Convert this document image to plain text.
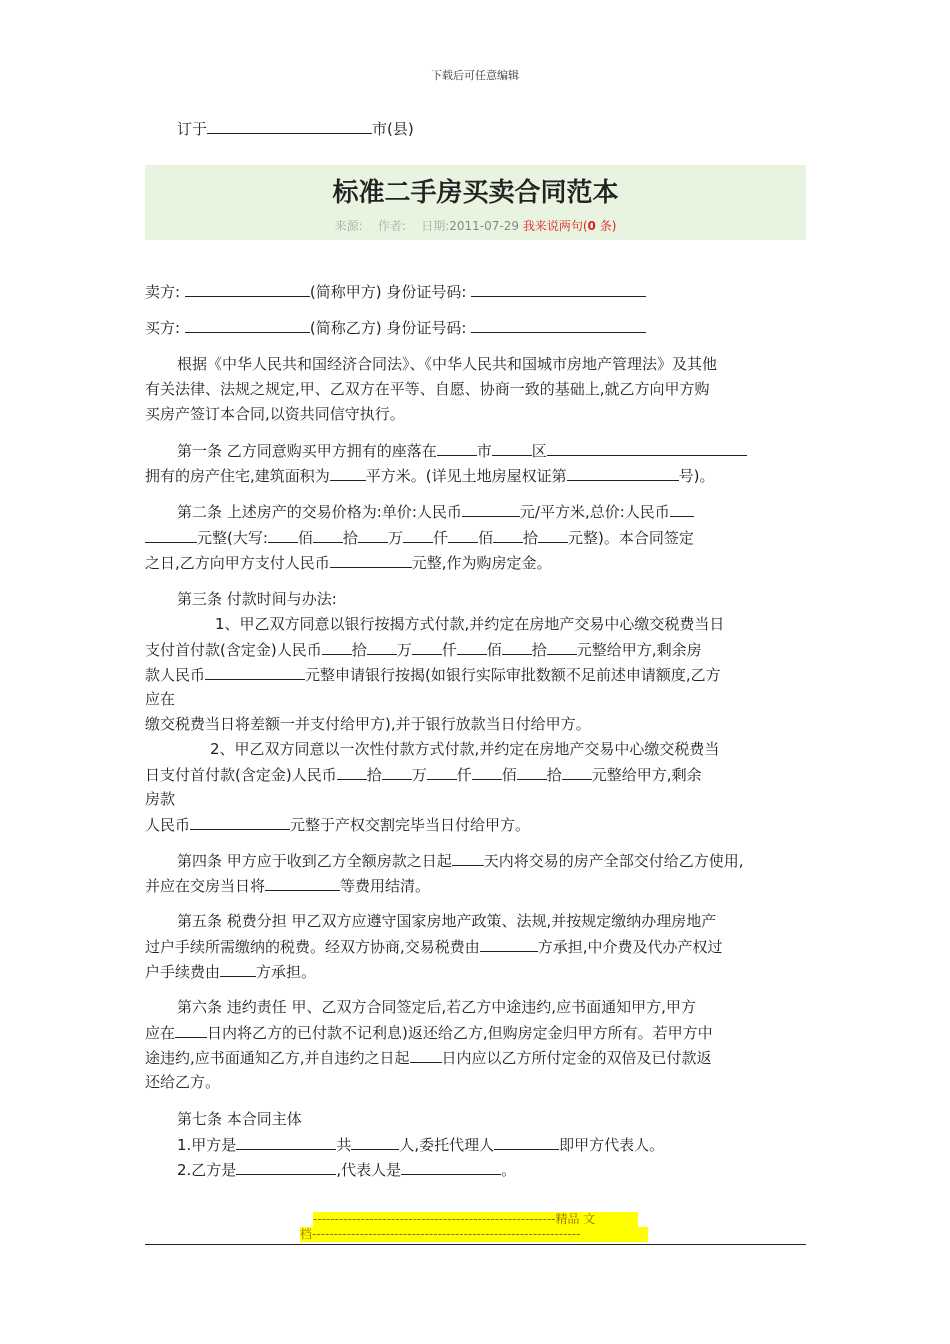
下载后可任意编辑
订于	市(县)
标准二手房买卖合同范本
来源: 作者: 日期:2011-07-29 我来说两句(0 条)
卖方:	(简称甲方) 身份证号码:
买方:	(简称乙方) 身份证号码:
根据《中华人民共和国经济合同法》、《中华人民共和国城市房地产管理法》及其他
有关法律、法规之规定,甲、乙双方在平等、自愿、协商一致的基础上,就乙方向甲方购
买房产签订本合同,以资共同信守执行。
第一条 乙方同意购买甲方拥有的座落在	市	区
拥有的房产住宅,建筑面积为 平方米。(详见土地房屋权证第	号)。
第二条 上述房产的交易价格为:单价:人民币	元/平方米,总价:人民币
元整(大写: 佰 拾 万 仟 佰 拾 元整)。本合同签定
之日,乙方向甲方支付人民币	元整,作为购房定金。
第三条 付款时间与办法:
1、甲乙双方同意以银行按揭方式付款,并约定在房地产交易中心缴交税费当日
支付首付款(含定金)人民币 拾 万 仟 佰 拾 元整给甲方,剩余房
款人民币	元整申请银行按揭(如银行实际审批数额不足前述申请额度,乙方
应在
缴交税费当日将差额一并支付给甲方),并于银行放款当日付给甲方。
2、甲乙双方同意以一次性付款方式付款,并约定在房地产交易中心缴交税费当
日支付首付款(含定金)人民币 拾 万 仟 佰 拾 元整给甲方,剩余
房款
人民币	元整于产权交割完毕当日付给甲方。
第四条 甲方应于收到乙方全额房款之日起 天内将交易的房产全部交付给乙方使用,
并应在交房当日将	等费用结清。
第五条 税费分担 甲乙双方应遵守国家房地产政策、法规,并按规定缴纳办理房地产
过户手续所需缴纳的税费。经双方协商,交易税费由	方承担,中介费及代办产权过
户手续费由 方承担。
第六条 违约责任 甲、乙双方合同签定后,若乙方中途违约,应书面通知甲方,甲方
应在 日内将乙方的已付款不记利息)返还给乙方,但购房定金归甲方所有。若甲方中
途违约,应书面通知乙方,并自违约之日起 日内应以乙方所付定金的双倍及已付款返
还给乙方。
第七条 本合同主体
1.甲方是	共	人,委托代理人	即甲方代表人。
2.乙方是	,代表人是	。
--------------------------------------------------------精品 文
档--------------------------------------------------------------
